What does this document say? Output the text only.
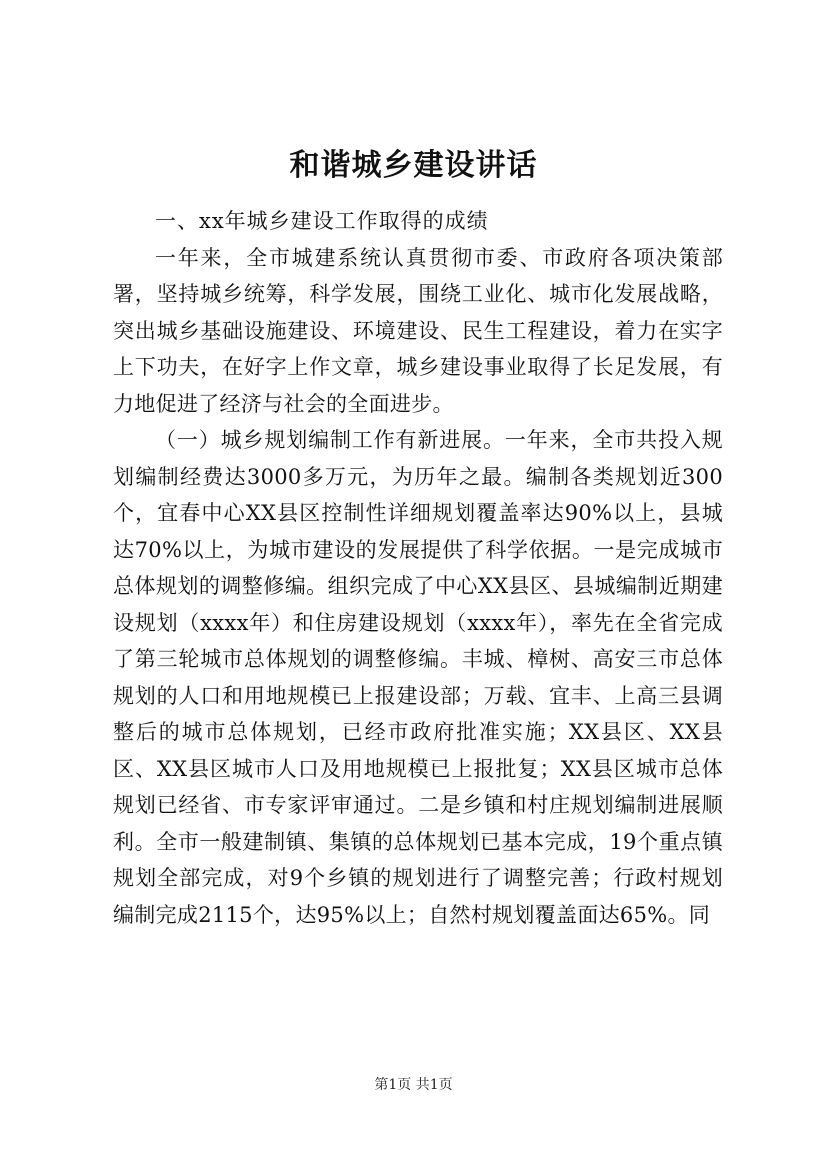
和谐城乡建设讲话

一、xx年城乡建设工作取得的成绩

一年来，全市城建系统认真贯彻市委、市政府各项决策部署，坚持城乡统筹，科学发展，围绕工业化、城市化发展战略，突出城乡基础设施建设、环境建设、民生工程建设，着力在实字上下功夫，在好字上作文章，城乡建设事业取得了长足发展，有力地促进了经济与社会的全面进步。

（一）城乡规划编制工作有新进展。一年来，全市共投入规划编制经费达3000多万元，为历年之最。编制各类规划近300个，宜春中心XX县区控制性详细规划覆盖率达90%以上，县城达70%以上，为城市建设的发展提供了科学依据。一是完成城市总体规划的调整修编。组织完成了中心XX县区、县城编制近期建设规划（xxxx年）和住房建设规划（xxxx年），率先在全省完成了第三轮城市总体规划的调整修编。丰城、樟树、高安三市总体规划的人口和用地规模已上报建设部；万载、宜丰、上高三县调整后的城市总体规划，已经市政府批准实施；XX县区、XX县区、XX县区城市人口及用地规模已上报批复；XX县区城市总体规划已经省、市专家评审通过。二是乡镇和村庄规划编制进展顺利。全市一般建制镇、集镇的总体规划已基本完成，19个重点镇规划全部完成，对9个乡镇的规划进行了调整完善；行政村规划编制完成2115个，达95%以上；自然村规划覆盖面达65%。同

第1页 共1页
